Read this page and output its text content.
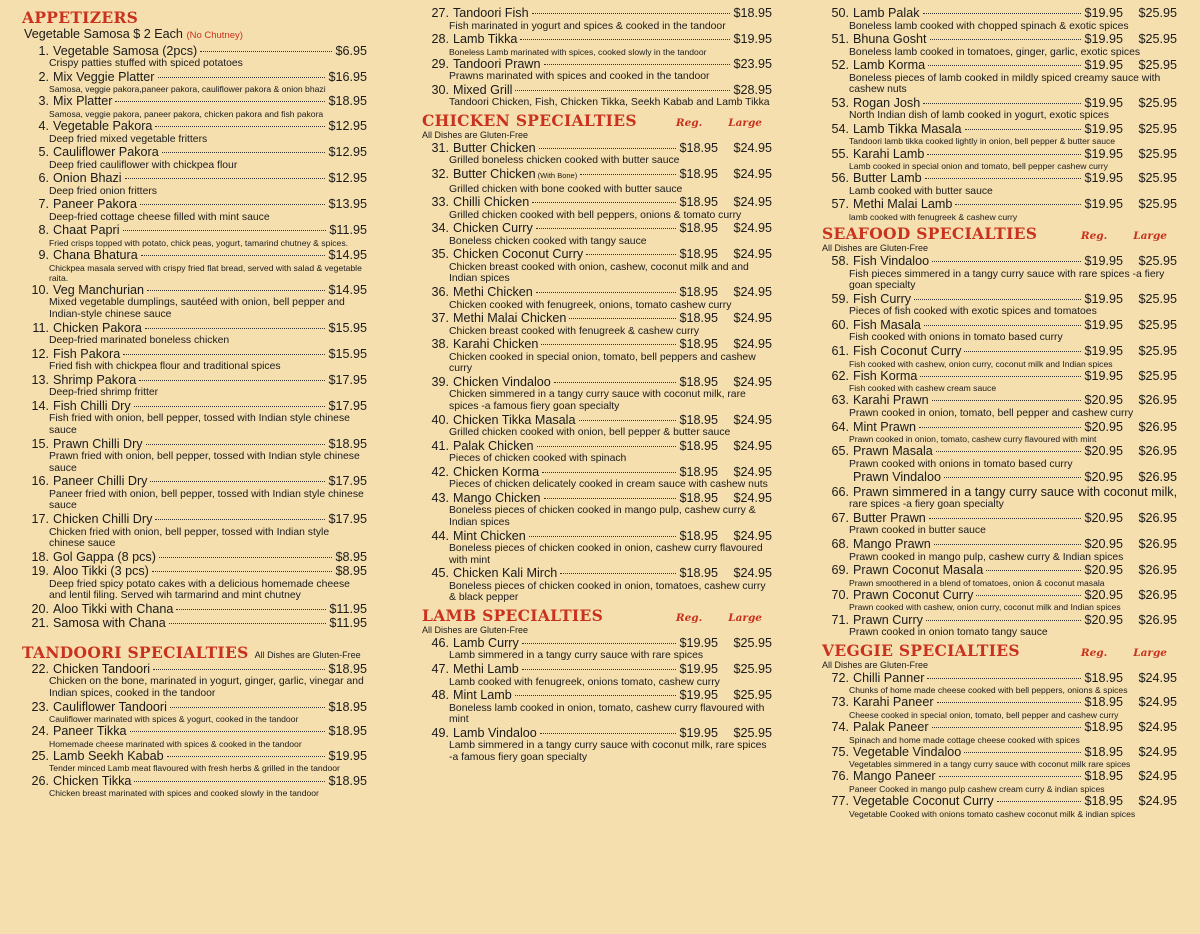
APPETIZERS
Vegetable Samosa $ 2 Each (No Chutney)
1. Vegetable Samosa (2pcs)	$6.95
Crispy patties stuffed with spiced potatoes
2. Mix Veggie Platter	$16.95
Samosa, veggie pakora,paneer pakora, cauliflower pakora & onion bhazi
3. Mix Platter	$18.95
Samosa, veggie pakora, paneer pakora, chicken pakora and fish pakora
4. Vegetable Pakora	$12.95
Deep fried mixed vegetable fritters
5. Cauliflower Pakora	$12.95
Deep fried cauliflower with chickpea flour
6. Onion Bhazi	$12.95
Deep fried onion fritters
7. Paneer Pakora	$13.95
Deep-fried cottage cheese filled with mint sauce
8. Chaat Papri	$11.95
Fried crisps topped with potato, chick peas, yogurt, tamarind chutney & spices.
9. Chana Bhatura	$14.95
Chickpea masala served with crispy fried flat bread, served with salad & vegetable raita.
10. Veg Manchurian	$14.95
Mixed vegetable dumplings, sautéed with onion, bell pepper and Indian-style chinese sauce
11. Chicken Pakora	$15.95
Deep-fried marinated boneless chicken
12. Fish Pakora	$15.95
Fried fish with chickpea flour and traditional spices
13. Shrimp Pakora	$17.95
Deep-fried shrimp fritter
14. Fish Chilli Dry	$17.95
Fish fried with onion, bell pepper, tossed with Indian style chinese sauce
15. Prawn Chilli Dry	$18.95
Prawn fried with onion, bell pepper, tossed with Indian style chinese sauce
16. Paneer Chilli Dry	$17.95
Paneer fried with onion, bell pepper, tossed with Indian style chinese sauce
17. Chicken Chilli Dry	$17.95
Chicken fried with onion, bell pepper, tossed with Indian style chinese sauce
18. Gol Gappa (8 pcs)	$8.95
19. Aloo Tikki (3 pcs)	$8.95
Deep fried spicy potato cakes with a delicious homemade cheese and lentil filing. Served wih tarmarind and mint chutney
20. Aloo Tikki with Chana	$11.95
21. Samosa with Chana	$11.95
TANDOORI SPECIALTIES All Dishes are Gluten-Free
22. Chicken Tandoori	$18.95
Chicken on the bone, marinated in yogurt, ginger, garlic, vinegar and Indian spices, cooked in the tandoor
23. Cauliflower Tandoori	$18.95
Cauliflower marinated with spices & yogurt, cooked in the tandoor
24. Paneer Tikka	$18.95
Homemade cheese marinated with spices & cooked in the tandoor
25. Lamb Seekh Kabab	$19.95
Tender minced Lamb meat flavoured with fresh herbs & grilled in the tandoor
26. Chicken Tikka	$18.95
Chicken breast marinated with spices and cooked slowly in the tandoor
27. Tandoori Fish	$18.95
Fish marinated in yogurt and spices & cooked in the tandoor
28. Lamb Tikka	$19.95
Boneless Lamb marinated with spices, cooked slowly in the tandoor
29. Tandoori Prawn	$23.95
Prawns marinated with spices and cooked in the tandoor
30. Mixed Grill	$28.95
Tandoori Chicken, Fish, Chicken Tikka, Seekh Kabab and Lamb Tikka
CHICKEN SPECIALTIES	Reg. Large
All Dishes are Gluten-Free
31. Butter Chicken	$18.95	$24.95
Grilled boneless chicken cooked with butter sauce
32. Butter Chicken (With Bone)	$18.95	$24.95
Grilled chicken with bone cooked with butter sauce
33. Chilli Chicken	$18.95	$24.95
Grilled chicken cooked with bell peppers, onions & tomato curry
34. Chicken Curry	$18.95	$24.95
Boneless chicken cooked with tangy sauce
35. Chicken Coconut Curry	$18.95	$24.95
Chicken breast cooked with onion, cashew, coconut milk and and Indian spices
36. Methi Chicken	$18.95	$24.95
Chicken cooked with fenugreek, onions, tomato cashew curry
37. Methi Malai Chicken	$18.95	$24.95
Chicken breast cooked with fenugreek & cashew curry
38. Karahi Chicken	$18.95	$24.95
Chicken cooked in special onion, tomato, bell peppers and cashew curry
39. Chicken Vindaloo	$18.95	$24.95
Chicken simmered in a tangy curry sauce with coconut milk, rare spices -a famous fiery goan specialty
40. Chicken Tikka Masala	$18.95	$24.95
Grilled chicken cooked with onion, bell pepper & butter sauce
41. Palak Chicken	$18.95	$24.95
Pieces of chicken cooked with spinach
42. Chicken Korma	$18.95	$24.95
Pieces of chicken delicately cooked in cream sauce with cashew nuts
43. Mango Chicken	$18.95	$24.95
Boneless pieces of chicken cooked in mango pulp, cashew curry & Indian spices
44. Mint Chicken	$18.95	$24.95
Boneless pieces of chicken cooked in onion, cashew curry flavoured with mint
45. Chicken Kali Mirch	$18.95	$24.95
Boneless pieces of chicken cooked in onion, tomatoes, cashew curry & black pepper
LAMB SPECIALTIES	Reg. Large
All Dishes are Gluten-Free
46. Lamb Curry	$19.95	$25.95
Lamb simmered in a tangy curry sauce with rare spices
47. Methi Lamb	$19.95	$25.95
Lamb cooked with fenugreek, onions tomato, cashew curry
48. Mint Lamb	$19.95	$25.95
Boneless lamb cooked in onion, tomato, cashew curry flavoured with mint
49. Lamb Vindaloo	$19.95	$25.95
Lamb simmered in a tangy curry sauce with coconut milk, rare spices -a famous fiery goan specialty
50. Lamb Palak	$19.95	$25.95
Boneless lamb cooked with chopped spinach & exotic spices
51. Bhuna Gosht	$19.95	$25.95
Boneless lamb cooked in tomatoes, ginger, garlic, exotic spices
52. Lamb Korma	$19.95	$25.95
Boneless pieces of lamb cooked in mildly spiced creamy sauce with cashew nuts
53. Rogan Josh	$19.95	$25.95
North Indian dish of lamb cooked in yogurt, exotic spices
54. Lamb Tikka Masala	$19.95	$25.95
Tandoori lamb tikka cooked lightly in onion, bell pepper & butter sauce
55. Karahi Lamb	$19.95	$25.95
Lamb cooked in special onion and tomato, bell pepper cashew curry
56. Butter Lamb	$19.95	$25.95
Lamb cooked with butter sauce
57. Methi Malai Lamb	$19.95	$25.95
lamb cooked with fenugreek & cashew curry
SEAFOOD SPECIALTIES	Reg. Large
All Dishes are Gluten-Free
58. Fish Vindaloo	$19.95	$25.95
Fish pieces simmered in a tangy curry sauce with rare spices -a fiery goan specialty
59. Fish Curry	$19.95	$25.95
Pieces of fish cooked with exotic spices and tomatoes
60. Fish Masala	$19.95	$25.95
Fish cooked with onions in tomato based curry
61. Fish Coconut Curry	$19.95	$25.95
Fish cooked with cashew, onion curry, coconut milk and Indian spices
62. Fish Korma	$19.95	$25.95
Fish cooked with cashew cream sauce
63. Karahi Prawn	$20.95	$26.95
Prawn cooked in onion, tomato, bell pepper and cashew curry
64. Mint Prawn	$20.95	$26.95
Prawn cooked in onion, tomato, cashew curry flavoured with mint
65. Prawn Masala	$20.95	$26.95
Prawn cooked with onions in tomato based curry
Prawn Vindaloo	$20.95	$26.95
66. Prawn simmered in a tangy curry sauce with coconut milk,
rare spices -a fiery goan specialty
67. Butter Prawn	$20.95	$26.95
Prawn cooked in butter sauce
68. Mango Prawn	$20.95	$26.95
Prawn cooked in mango pulp, cashew curry & Indian spices
69. Prawn Coconut Masala	$20.95	$26.95
Prawn smoothered in a blend of tomatoes, onion & coconut masala
70. Prawn Coconut Curry	$20.95	$26.95
Prawn cooked with cashew, onion curry, coconut milk and Indian spices
71. Prawn Curry	$20.95	$26.95
Prawn cooked in onion tomato tangy sauce
VEGGIE SPECIALTIES	Reg. Large
All Dishes are Gluten-Free
72. Chilli Panner	$18.95	$24.95
Chunks of home made cheese cooked with bell peppers, onions & spices
73. Karahi Paneer	$18.95	$24.95
Cheese cooked in special onion, tomato, bell pepper and cashew curry
74. Palak Paneer	$18.95	$24.95
Spinach and home made cottage cheese cooked with spices
75. Vegetable Vindaloo	$18.95	$24.95
Vegetables simmered in a tangy curry sauce with coconut milk rare spices
76. Mango Paneer	$18.95	$24.95
Paneer Cooked in mango pulp cashew cream curry & indian spices
77. Vegetable Coconut Curry	$18.95	$24.95
Vegetable Cooked with onions tomato cashew coconut milk & indian spices
